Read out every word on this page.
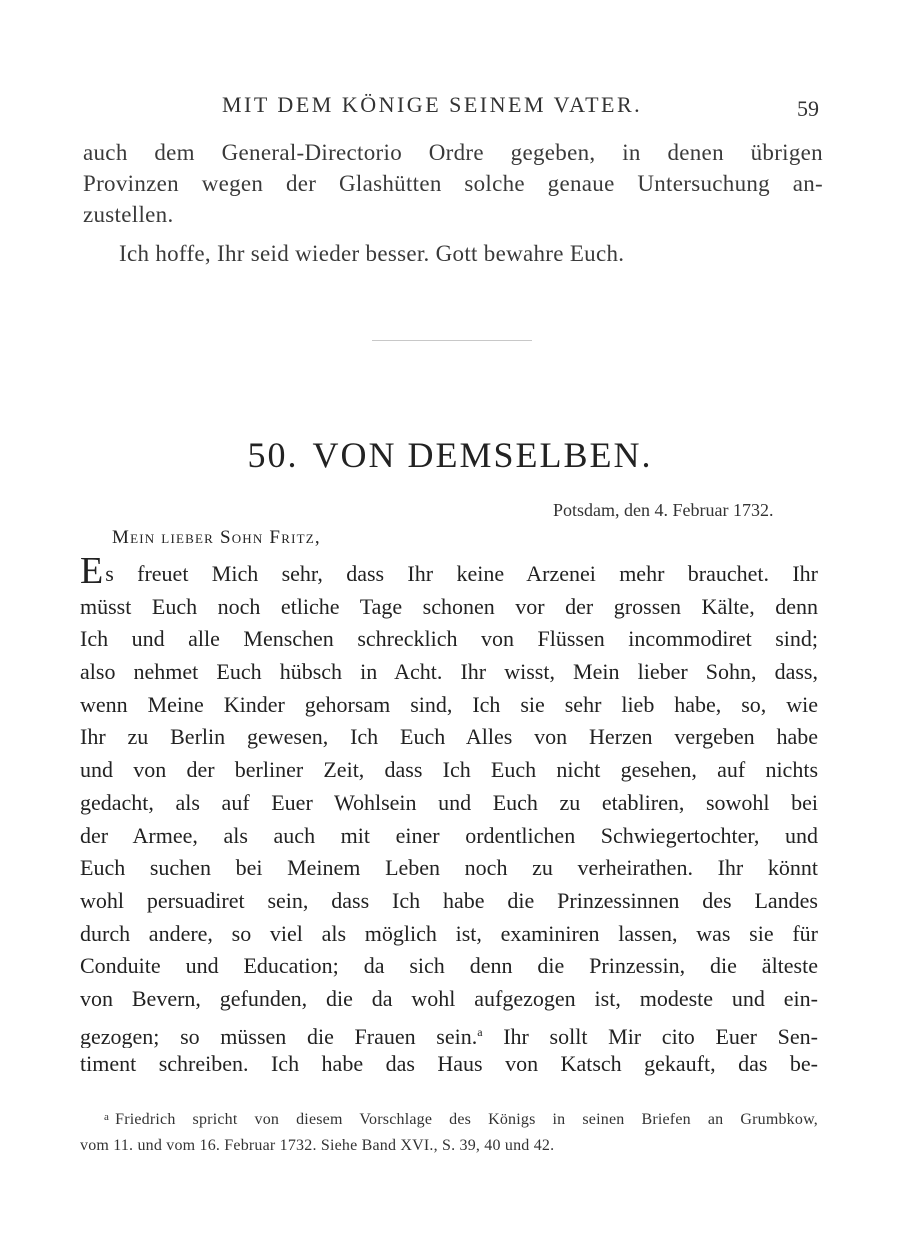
MIT DEM KÖNIGE SEINEM VATER.	59

auch dem General-Directorio Ordre gegeben, in denen übrigen
Provinzen wegen der Glashütten solche genaue Untersuchung an-
zustellen.

Ich hoffe, Ihr seid wieder besser. Gott bewahre Euch.

50. VON DEMSELBEN.
Potsdam, den 4. Februar 1732.
Mein lieber Sohn Fritz,
Es freuet Mich sehr, dass Ihr keine Arzenei mehr brauchet. Ihr
müsst Euch noch etliche Tage schonen vor der grossen Kälte, denn
Ich und alle Menschen schrecklich von Flüssen incommodiret sind;
also nehmet Euch hübsch in Acht. Ihr wisst, Mein lieber Sohn, dass,
wenn Meine Kinder gehorsam sind, Ich sie sehr lieb habe, so, wie
Ihr zu Berlin gewesen, Ich Euch Alles von Herzen vergeben habe
und von der berliner Zeit, dass Ich Euch nicht gesehen, auf nichts
gedacht, als auf Euer Wohlsein und Euch zu etabliren, sowohl bei
der Armee, als auch mit einer ordentlichen Schwiegertochter, und
Euch suchen bei Meinem Leben noch zu verheirathen. Ihr könnt
wohl persuadiret sein, dass Ich habe die Prinzessinnen des Landes
durch andere, so viel als möglich ist, examiniren lassen, was sie für
Conduite und Education; da sich denn die Prinzessin, die älteste
von Bevern, gefunden, die da wohl aufgezogen ist, modeste und ein-
gezogen; so müssen die Frauen sein.$^a$ Ihr sollt Mir cito Euer Sen-
timent schreiben. Ich habe das Haus von Katsch gekauft, das be-
$^a$ Friedrich spricht von diesem Vorschlage des Königs in seinen Briefen an Grumbkow,
vom 11. und vom 16. Februar 1732. Siehe Band XVI., S. 39, 40 und 42.
